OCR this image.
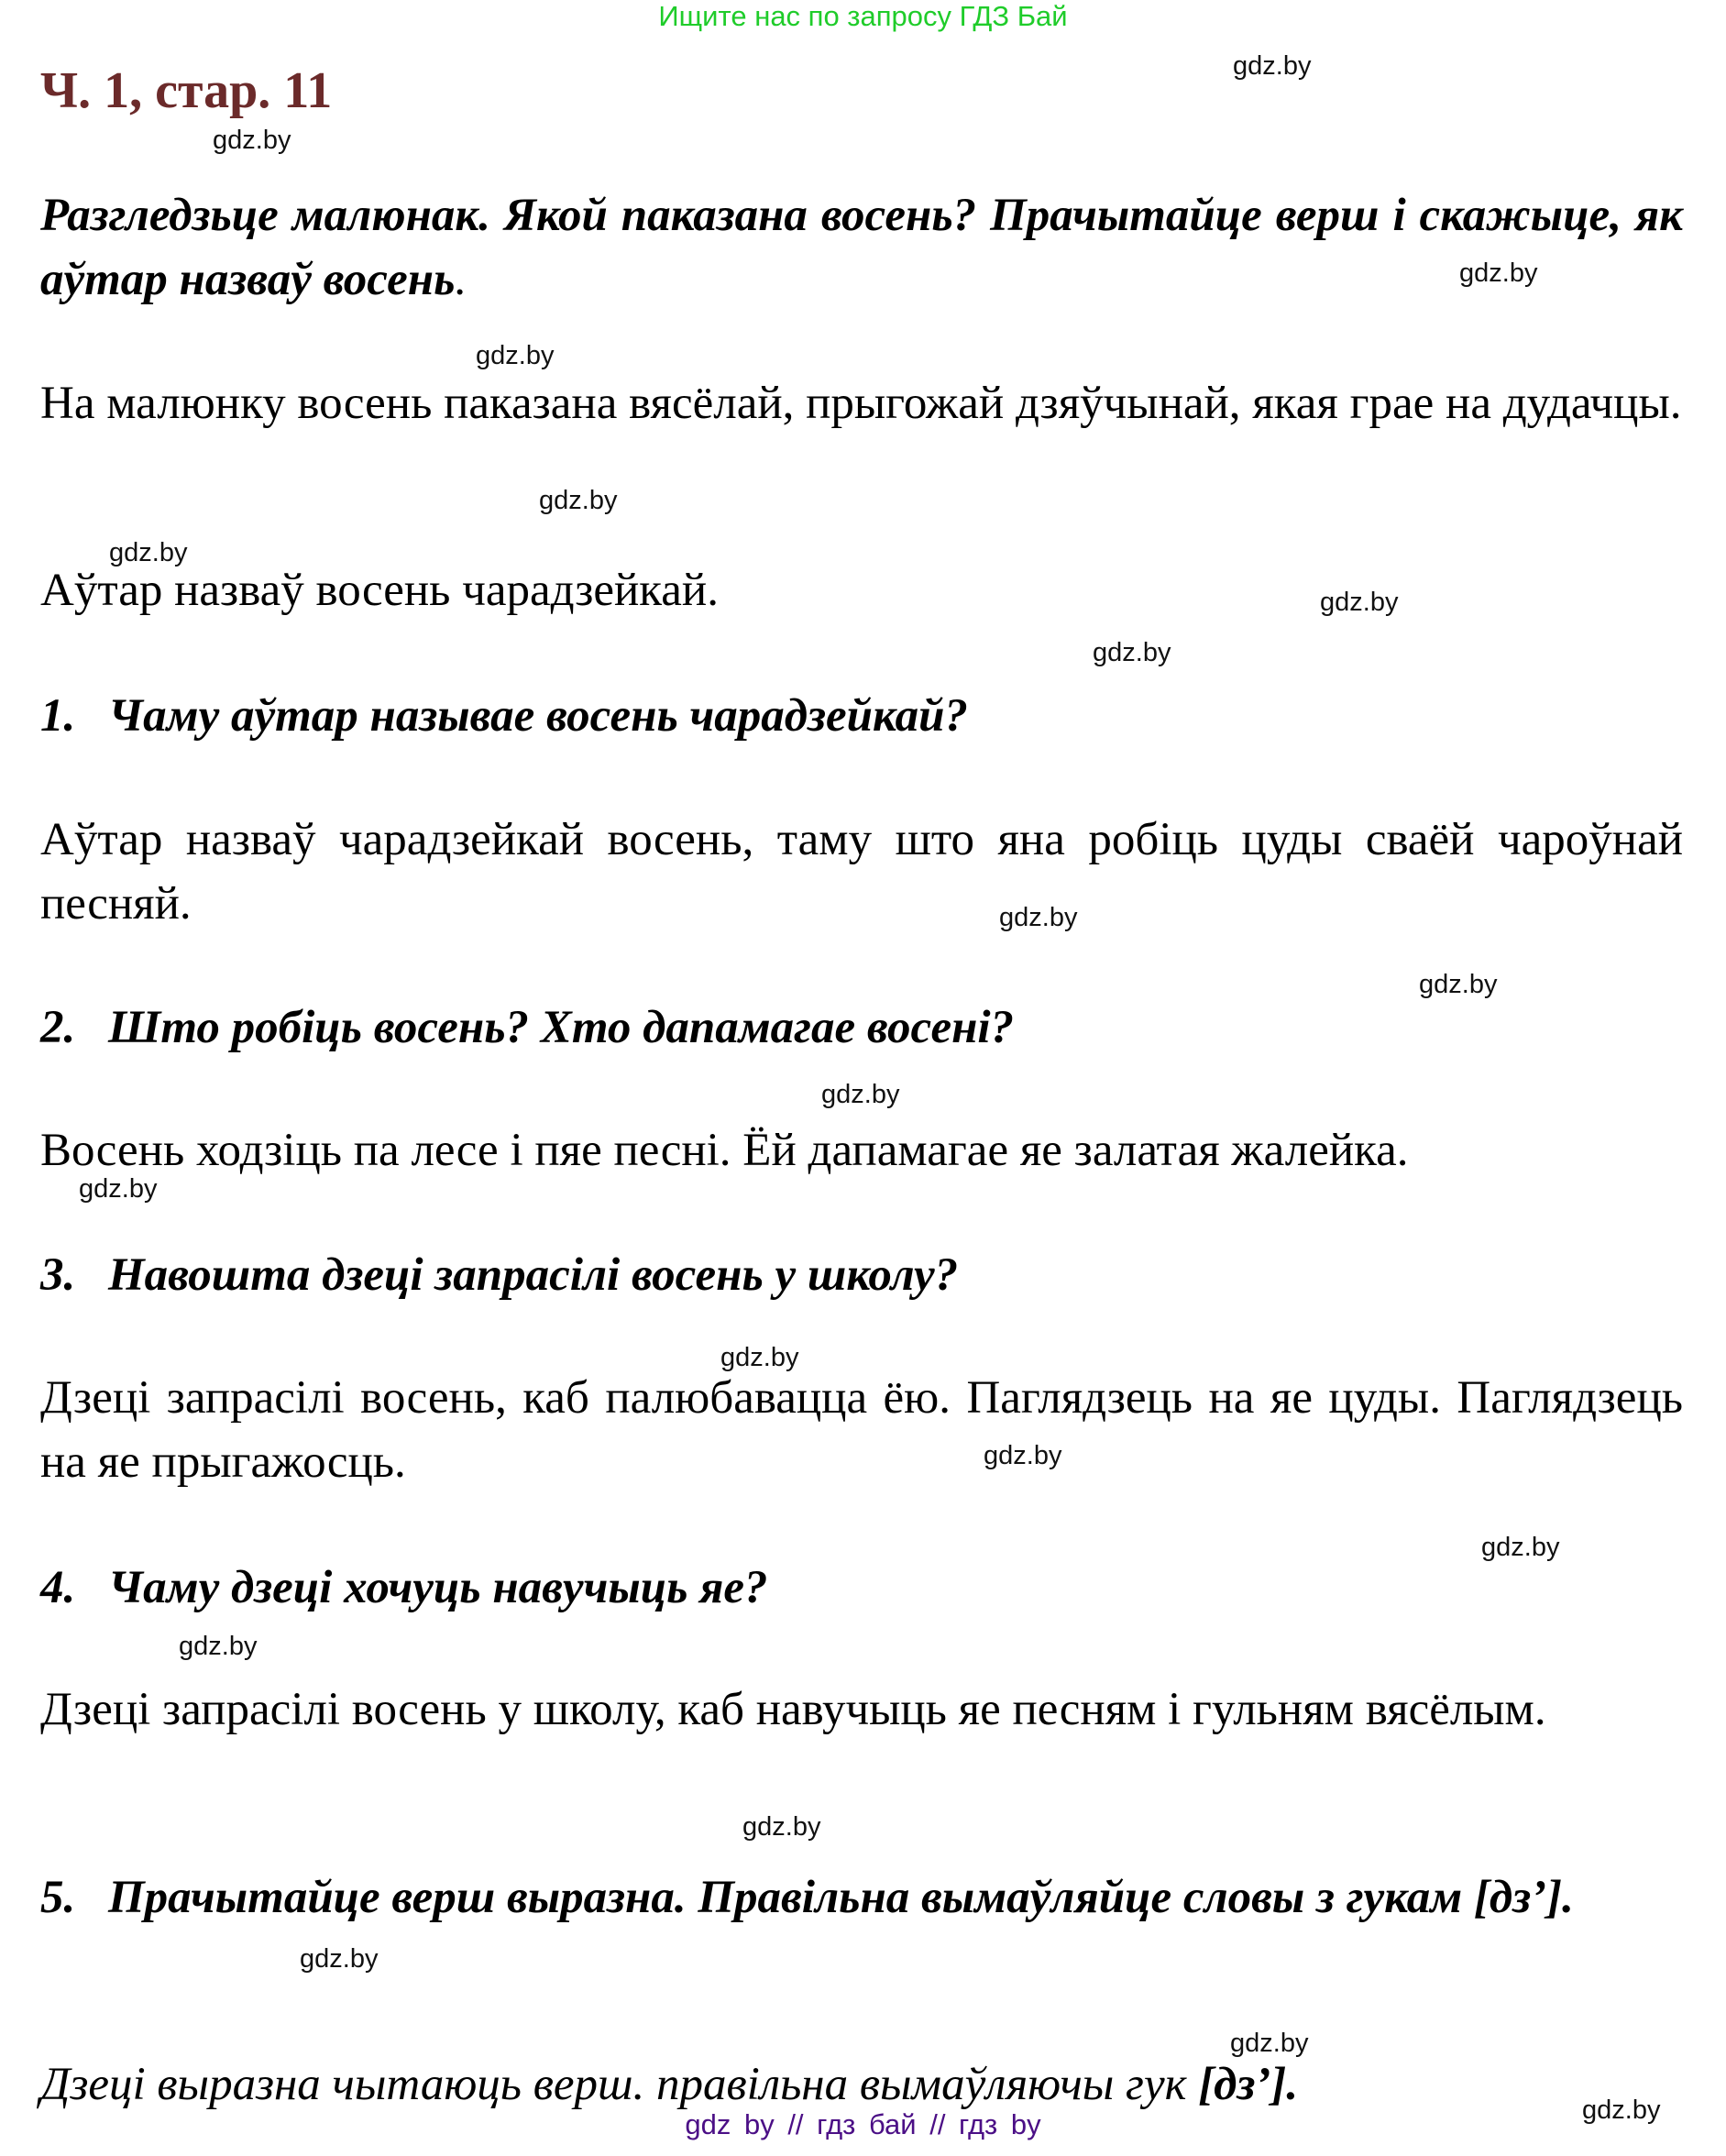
Ищите нас по запросу ГДЗ Бай
Ч. 1, стар. 11
Разгледзьце малюнак. Якой паказана восень? Прачытайце верш і скажыце, як аўтар назваў восень.
На малюнку восень паказана вясёлай, прыгожай дзяўчынай, якая грае на дудачцы.
Аўтар назваў восень чарадзейкай.
1. Чаму аўтар называе восень чарадзейкай?
Аўтар назваў чарадзейкай восень, таму што яна робіць цуды сваёй чароўнай песняй.
2. Што робіць восень? Хто дапамагае восені?
Восень ходзіць па лесе і пяе песні. Ёй дапамагае яе залатая жалейка.
3. Навошта дзеці запрасілі восень у школу?
Дзеці запрасілі восень, каб палюбавацца ёю. Паглядзець на яе цуды. Паглядзець на яе прыгажосць.
4. Чаму дзеці хочуць навучыць яе?
Дзеці запрасілі восень у школу, каб навучыць яе песням і гульням вясёлым.
5. Прачытайце верш выразна. Правільна вымаўляйце словы з гукам [дз’].
Дзеці выразна чытаюць верш. правільна вымаўляючы гук [дз’].
gdz.by
gdz.by
gdz.by
gdz.by
gdz.by
gdz.by
gdz.by
gdz.by
gdz.by
gdz.by
gdz.by
gdz.by
gdz.by
gdz.by
gdz.by
gdz.by
gdz.by
gdz.by
gdz.by
gdz.by
gdz by // гдз бай // гдз by
